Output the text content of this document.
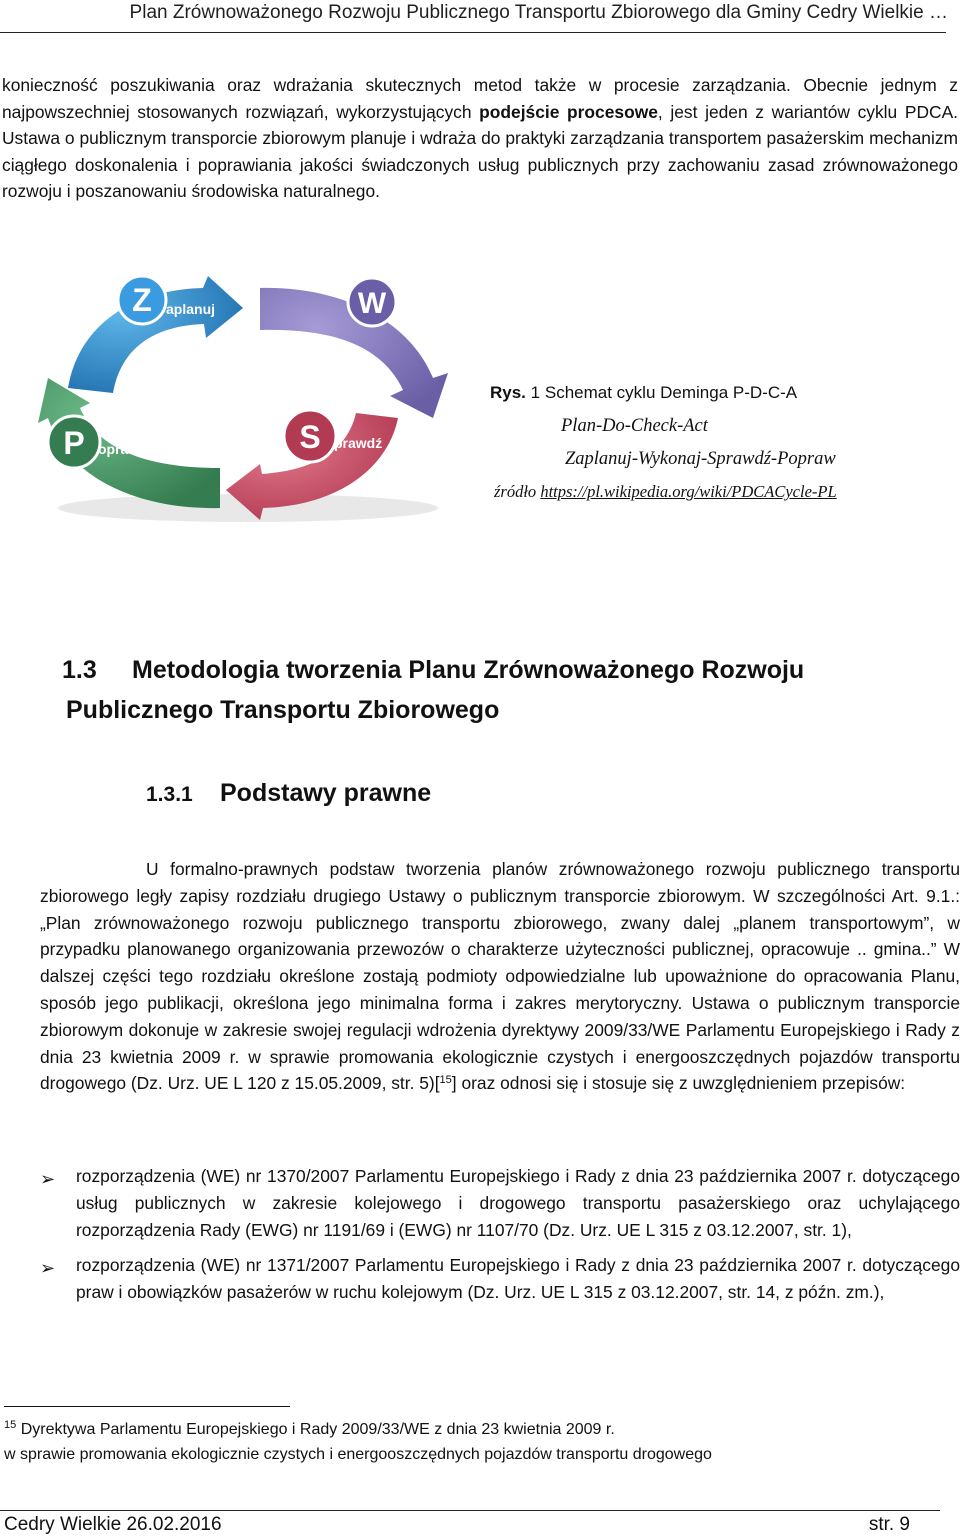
Plan Zrównoważonego Rozwoju Publicznego Transportu Zbiorowego dla Gminy Cedry Wielkie …
konieczność poszukiwania oraz wdrażania skutecznych metod także w procesie zarządzania. Obecnie jednym z najpowszechniej stosowanych rozwiązań, wykorzystujących podejście procesowe, jest jeden z wariantów cyklu PDCA. Ustawa o publicznym transporcie zbiorowym planuje i wdraża do praktyki zarządzania transportem pasażerskim mechanizm ciągłego doskonalenia i poprawiania jakości świadczonych usług publicznych przy zachowaniu zasad zrównoważonego rozwoju i poszanowaniu środowiska naturalnego.
Z aplanuj	W ykonaj
S prawdź
P opraw
Rys. 1 Schemat cyklu Deminga P-D-C-A
Plan-Do-Check-Act
Zaplanuj-Wykonaj-Sprawdź-Popraw
źródło https://pl.wikipedia.org/wiki/PDCACycle-PL
1.3 Metodologia tworzenia Planu Zrównoważonego Rozwoju
Publicznego Transportu Zbiorowego
1.3.1 Podstawy prawne
U formalno-prawnych podstaw tworzenia planów zrównoważonego rozwoju publicznego transportu zbiorowego legły zapisy rozdziału drugiego Ustawy o publicznym transporcie zbiorowym. W szczególności Art. 9.1.: „Plan zrównoważonego rozwoju publicznego transportu zbiorowego, zwany dalej „planem transportowym”, w przypadku planowanego organizowania przewozów o charakterze użyteczności publicznej, opracowuje .. gmina..” W dalszej części tego rozdziału określone zostają podmioty odpowiedzialne lub upoważnione do opracowania Planu, sposób jego publikacji, określona jego minimalna forma i zakres merytoryczny. Ustawa o publicznym transporcie zbiorowym dokonuje w zakresie swojej regulacji wdrożenia dyrektywy 2009/33/WE Parlamentu Europejskiego i Rady z dnia 23 kwietnia 2009 r. w sprawie promowania ekologicznie czystych i energooszczędnych pojazdów transportu drogowego (Dz. Urz. UE L 120 z 15.05.2009, str. 5)[$^{15}$] oraz odnosi się i stosuje się z uwzględnieniem przepisów:
➢ rozporządzenia (WE) nr 1370/2007 Parlamentu Europejskiego i Rady z dnia 23 października 2007 r. dotyczącego usług publicznych w zakresie kolejowego i drogowego transportu pasażerskiego oraz uchylającego rozporządzenia Rady (EWG) nr 1191/69 i (EWG) nr 1107/70 (Dz. Urz. UE L 315 z 03.12.2007, str. 1),
➢ rozporządzenia (WE) nr 1371/2007 Parlamentu Europejskiego i Rady z dnia 23 października 2007 r. dotyczącego praw i obowiązków pasażerów w ruchu kolejowym (Dz. Urz. UE L 315 z 03.12.2007, str. 14, z późn. zm.),
$^{15}$ Dyrektywa Parlamentu Europejskiego i Rady 2009/33/WE z dnia 23 kwietnia 2009 r.
w sprawie promowania ekologicznie czystych i energooszczędnych pojazdów transportu drogowego
Cedry Wielkie 26.02.2016	str. 9
